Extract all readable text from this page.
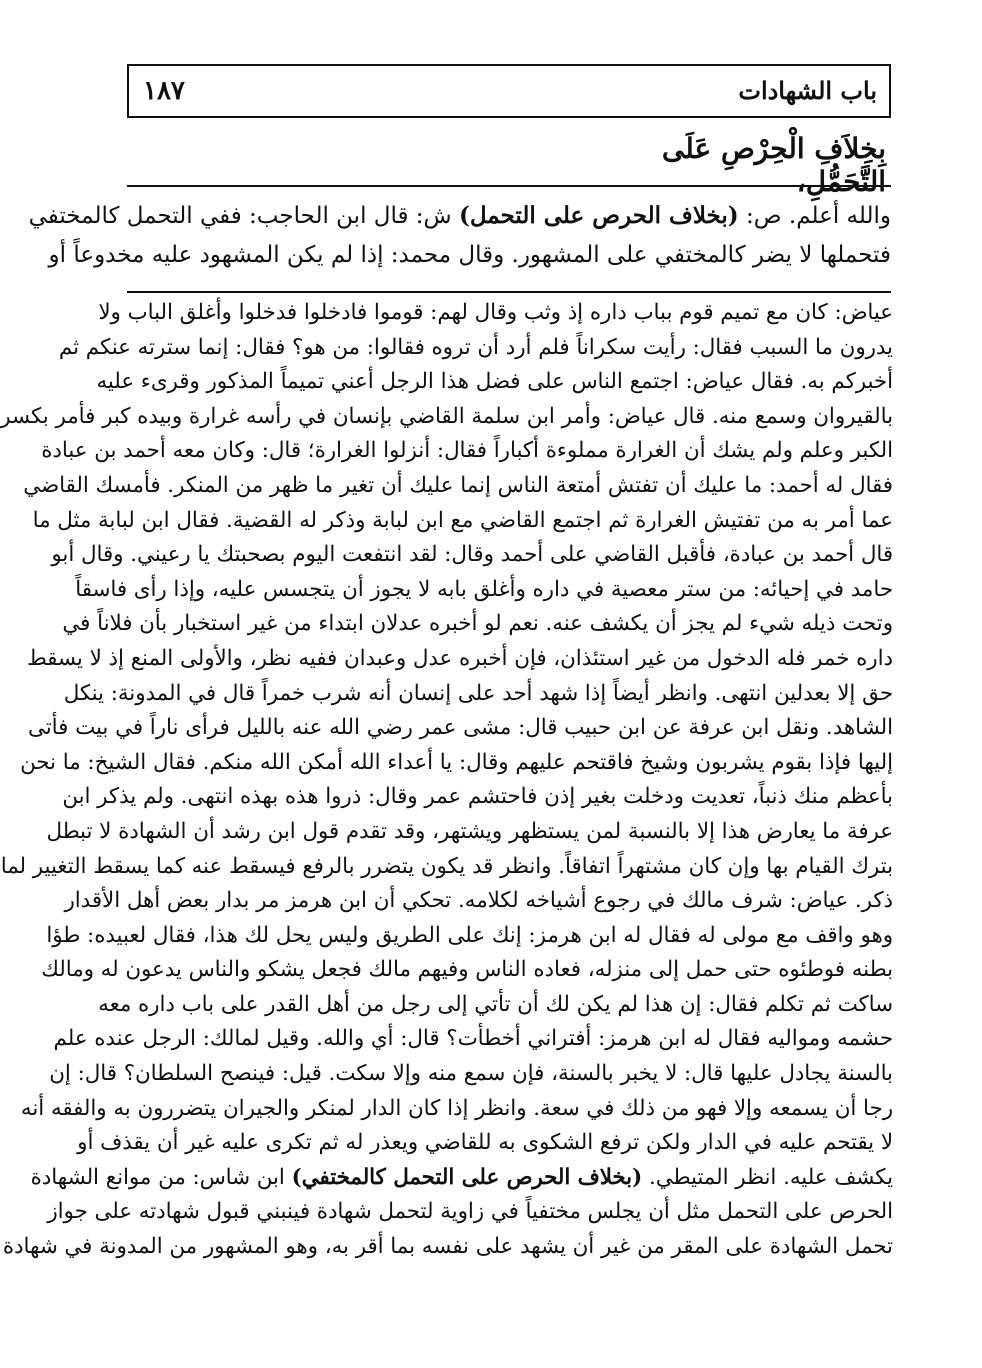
باب الشهادات
١٨٧
بِخِلاَفِ الْحِرْصِ عَلَى التَّحَمُّلِ،
والله أعلم. ص: (بخلاف الحرص على التحمل) ش: قال ابن الحاجب: ففي التحمل كالمختفي
فتحملها لا يضر كالمختفي على المشهور. وقال محمد: إذا لم يكن المشهود عليه مخدوعاً أو
عياض: كان مع تميم قوم بباب داره إذ وثب وقال لهم: قوموا فادخلوا فدخلوا وأغلق الباب ولا
يدرون ما السبب فقال: رأيت سكراناً فلم أرد أن تروه فقالوا: من هو؟ فقال: إنما سترته عنكم ثم
أخبركم به. فقال عياض: اجتمع الناس على فضل هذا الرجل أعني تميماً المذكور وقرىء عليه
بالقيروان وسمع منه. قال عياض: وأمر ابن سلمة القاضي بإنسان في رأسه غرارة وبيده كبر فأمر بكسر
الكبر وعلم ولم يشك أن الغرارة مملوءة أكباراً فقال: أنزلوا الغرارة؛ قال: وكان معه أحمد بن عبادة
فقال له أحمد: ما عليك أن تفتش أمتعة الناس إنما عليك أن تغير ما ظهر من المنكر. فأمسك القاضي
عما أمر به من تفتيش الغرارة ثم اجتمع القاضي مع ابن لبابة وذكر له القضية. فقال ابن لبابة مثل ما
قال أحمد بن عبادة، فأقبل القاضي على أحمد وقال: لقد انتفعت اليوم بصحبتك يا رعيني. وقال أبو
حامد في إحيائه: من ستر معصية في داره وأغلق بابه لا يجوز أن يتجسس عليه، وإذا رأى فاسقاً
وتحت ذيله شيء لم يجز أن يكشف عنه. نعم لو أخبره عدلان ابتداء من غير استخبار بأن فلاناً في
داره خمر فله الدخول من غير استئذان، فإن أخبره عدل وعبدان ففيه نظر، والأولى المنع إذ لا يسقط
حق إلا بعدلين انتهى. وانظر أيضاً إذا شهد أحد على إنسان أنه شرب خمراً قال في المدونة: ينكل
الشاهد. ونقل ابن عرفة عن ابن حبيب قال: مشى عمر رضي الله عنه بالليل فرأى ناراً في بيت فأتى
إليها فإذا بقوم يشربون وشيخ فاقتحم عليهم وقال: يا أعداء الله أمكن الله منكم. فقال الشيخ: ما نحن
بأعظم منك ذنباً، تعديت ودخلت بغير إذن فاحتشم عمر وقال: ذروا هذه بهذه انتهى. ولم يذكر ابن
عرفة ما يعارض هذا إلا بالنسبة لمن يستظهر ويشتهر، وقد تقدم قول ابن رشد أن الشهادة لا تبطل
بترك القيام بها وإن كان مشتهراً اتفاقاً. وانظر قد يكون يتضرر بالرفع فيسقط عنه كما يسقط التغيير لما
ذكر. عياض: شرف مالك في رجوع أشياخه لكلامه. تحكي أن ابن هرمز مر بدار بعض أهل الأقدار
وهو واقف مع مولى له فقال له ابن هرمز: إنك على الطريق وليس يحل لك هذا، فقال لعبيده: طؤا
بطنه فوطئوه حتى حمل إلى منزله، فعاده الناس وفيهم مالك فجعل يشكو والناس يدعون له ومالك
ساكت ثم تكلم فقال: إن هذا لم يكن لك أن تأتي إلى رجل من أهل القدر على باب داره معه
حشمه ومواليه فقال له ابن هرمز: أفتراني أخطأت؟ قال: أي والله. وقيل لمالك: الرجل عنده علم
بالسنة يجادل عليها قال: لا يخبر بالسنة، فإن سمع منه وإلا سكت. قيل: فينصح السلطان؟ قال: إن
رجا أن يسمعه وإلا فهو من ذلك في سعة. وانظر إذا كان الدار لمنكر والجيران يتضررون به والفقه أنه
لا يقتحم عليه في الدار ولكن ترفع الشكوى به للقاضي ويعذر له ثم تكرى عليه غير أن يقذف أو
يكشف عليه. انظر المتيطي. (بخلاف الحرص على التحمل كالمختفي) ابن شاس: من موانع الشهادة
الحرص على التحمل مثل أن يجلس مختفياً في زاوية لتحمل شهادة فينبني قبول شهادته على جواز
تحمل الشهادة على المقر من غير أن يشهد على نفسه بما أقر به، وهو المشهور من المدونة في شهادة
